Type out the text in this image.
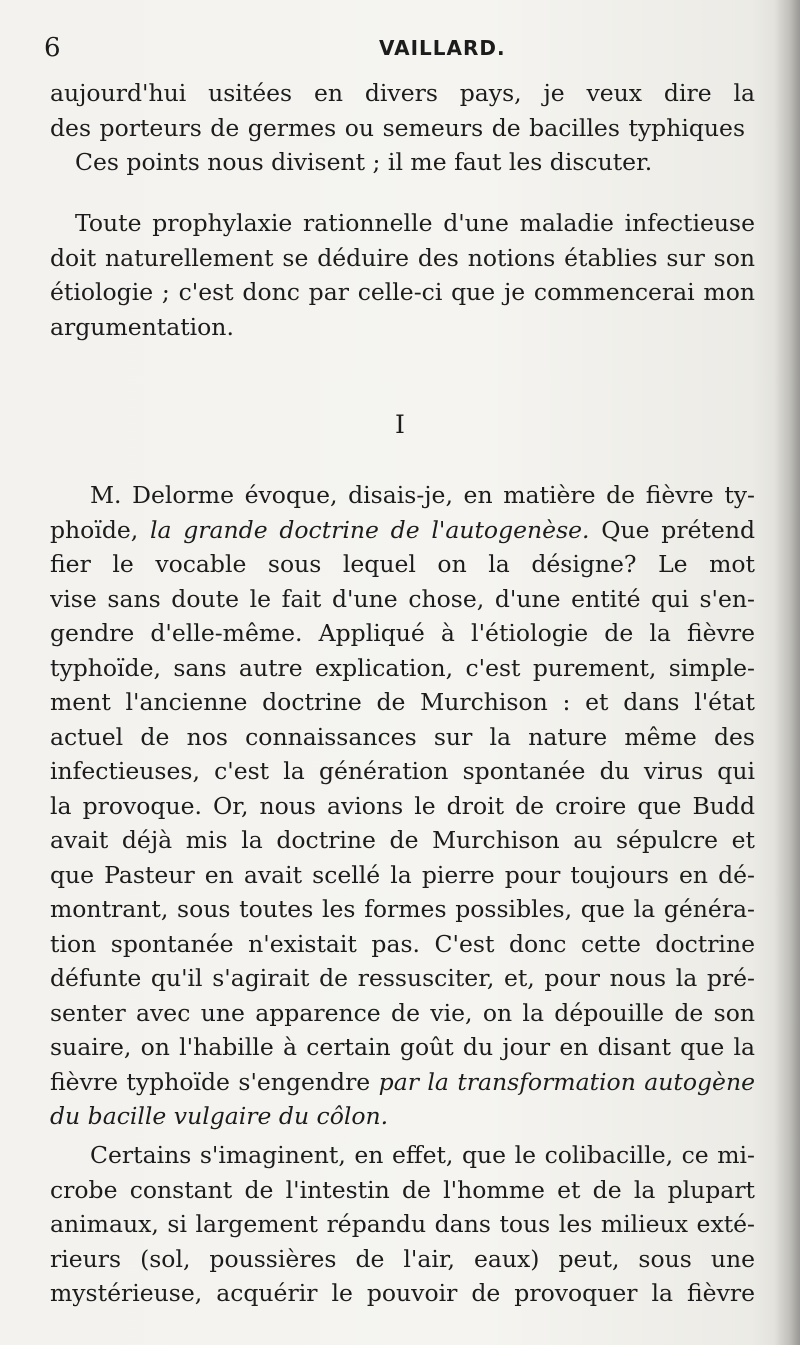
6	VAILLARD.
aujourd'hui usitées en divers pays, je veux dire la
des porteurs de germes ou semeurs de bacilles typhiques
Ces points nous divisent ; il me faut les discuter.
Toute prophylaxie rationnelle d'une maladie infectieuse
doit naturellement se déduire des notions établies sur son
étiologie ; c'est donc par celle-ci que je commencerai mon
argumentation.
I
M. Delorme évoque, disais-je, en matière de fièvre ty-
phoïde, la grande doctrine de l'autogenèse. Que prétend
fier le vocable sous lequel on la désigne? Le mot
vise sans doute le fait d'une chose, d'une entité qui s'en-
gendre d'elle-même. Appliqué à l'étiologie de la fièvre
typhoïde, sans autre explication, c'est purement, simple-
ment l'ancienne doctrine de Murchison : et dans l'état
actuel de nos connaissances sur la nature même des
infectieuses, c'est la génération spontanée du virus qui
la provoque. Or, nous avions le droit de croire que Budd
avait déjà mis la doctrine de Murchison au sépulcre et
que Pasteur en avait scellé la pierre pour toujours en dé-
montrant, sous toutes les formes possibles, que la généra-
tion spontanée n'existait pas. C'est donc cette doctrine
défunte qu'il s'agirait de ressusciter, et, pour nous la pré-
senter avec une apparence de vie, on la dépouille de son
suaire, on l'habille à certain goût du jour en disant que la
fièvre typhoïde s'engendre par la transformation autogène
du bacille vulgaire du côlon.
Certains s'imaginent, en effet, que le colibacille, ce mi-
crobe constant de l'intestin de l'homme et de la plupart
animaux, si largement répandu dans tous les milieux exté-
rieurs (sol, poussières de l'air, eaux) peut, sous une
mystérieuse, acquérir le pouvoir de provoquer la fièvre
